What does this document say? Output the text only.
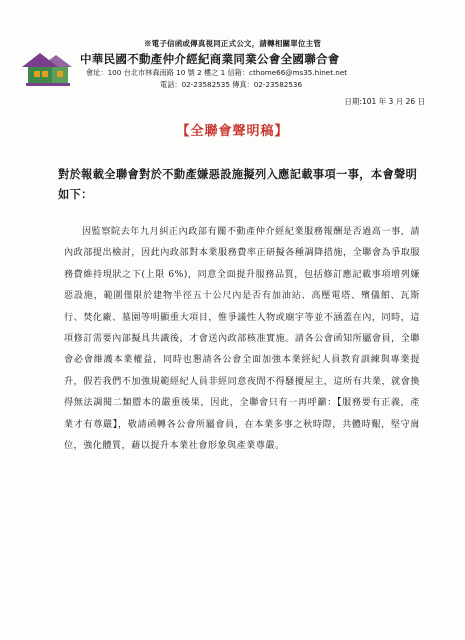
※電子信函或傳真視同正式公文，請轉相關單位主管
中華民國不動產仲介經紀商業同業公會全國聯合會
會址：100 台北市林森南路 10 號 2 樓之 1 信箱：cthome66@ms35.hinet.net
電話：02-23582535 傳真：02-23582536
日期:101 年 3 月 26 日
【全聯會聲明稿】
對於報載全聯會對於不動產嫌惡設施擬列入應記載事項一事，本會聲明如下：

因監察院去年九月糾正內政部有關不動產仲介經紀業服務報酬是否過高一事，請內政部提出檢討，因此內政部對本業服務費率正研擬各種調降措施，全聯會為爭取服務費維持現狀之下(上限 6%)，同意全面提升服務品質，包括修訂應記載事項增列嫌惡設施，範圍僅限於建物半徑五十公尺內是否有加油站、高壓電塔、殯儀館、瓦斯行、焚化廠、墓園等明顯重大項目，惟爭議性人物或廟宇等並不涵蓋在內，同時，這項修訂需要內部擬具共識後，才會送內政部核准實施。請各公會函知所屬會員，全聯會必會維護本業權益，同時也懇請各公會全面加強本業經紀人員教育訓練與專業提升，假若我們不加強規範經紀人員非經同意夜間不得騷擾屋主，這所有共業，就會換得無法調閱二類謄本的嚴重後果，因此，全聯會只有一再呼籲：【服務要有正義，產業才有尊嚴】，敬請函轉各公會所屬會員，在本業多事之秋時際，共體時艱，堅守崗位，強化體質，藉以提升本業社會形象與產業尊嚴。
